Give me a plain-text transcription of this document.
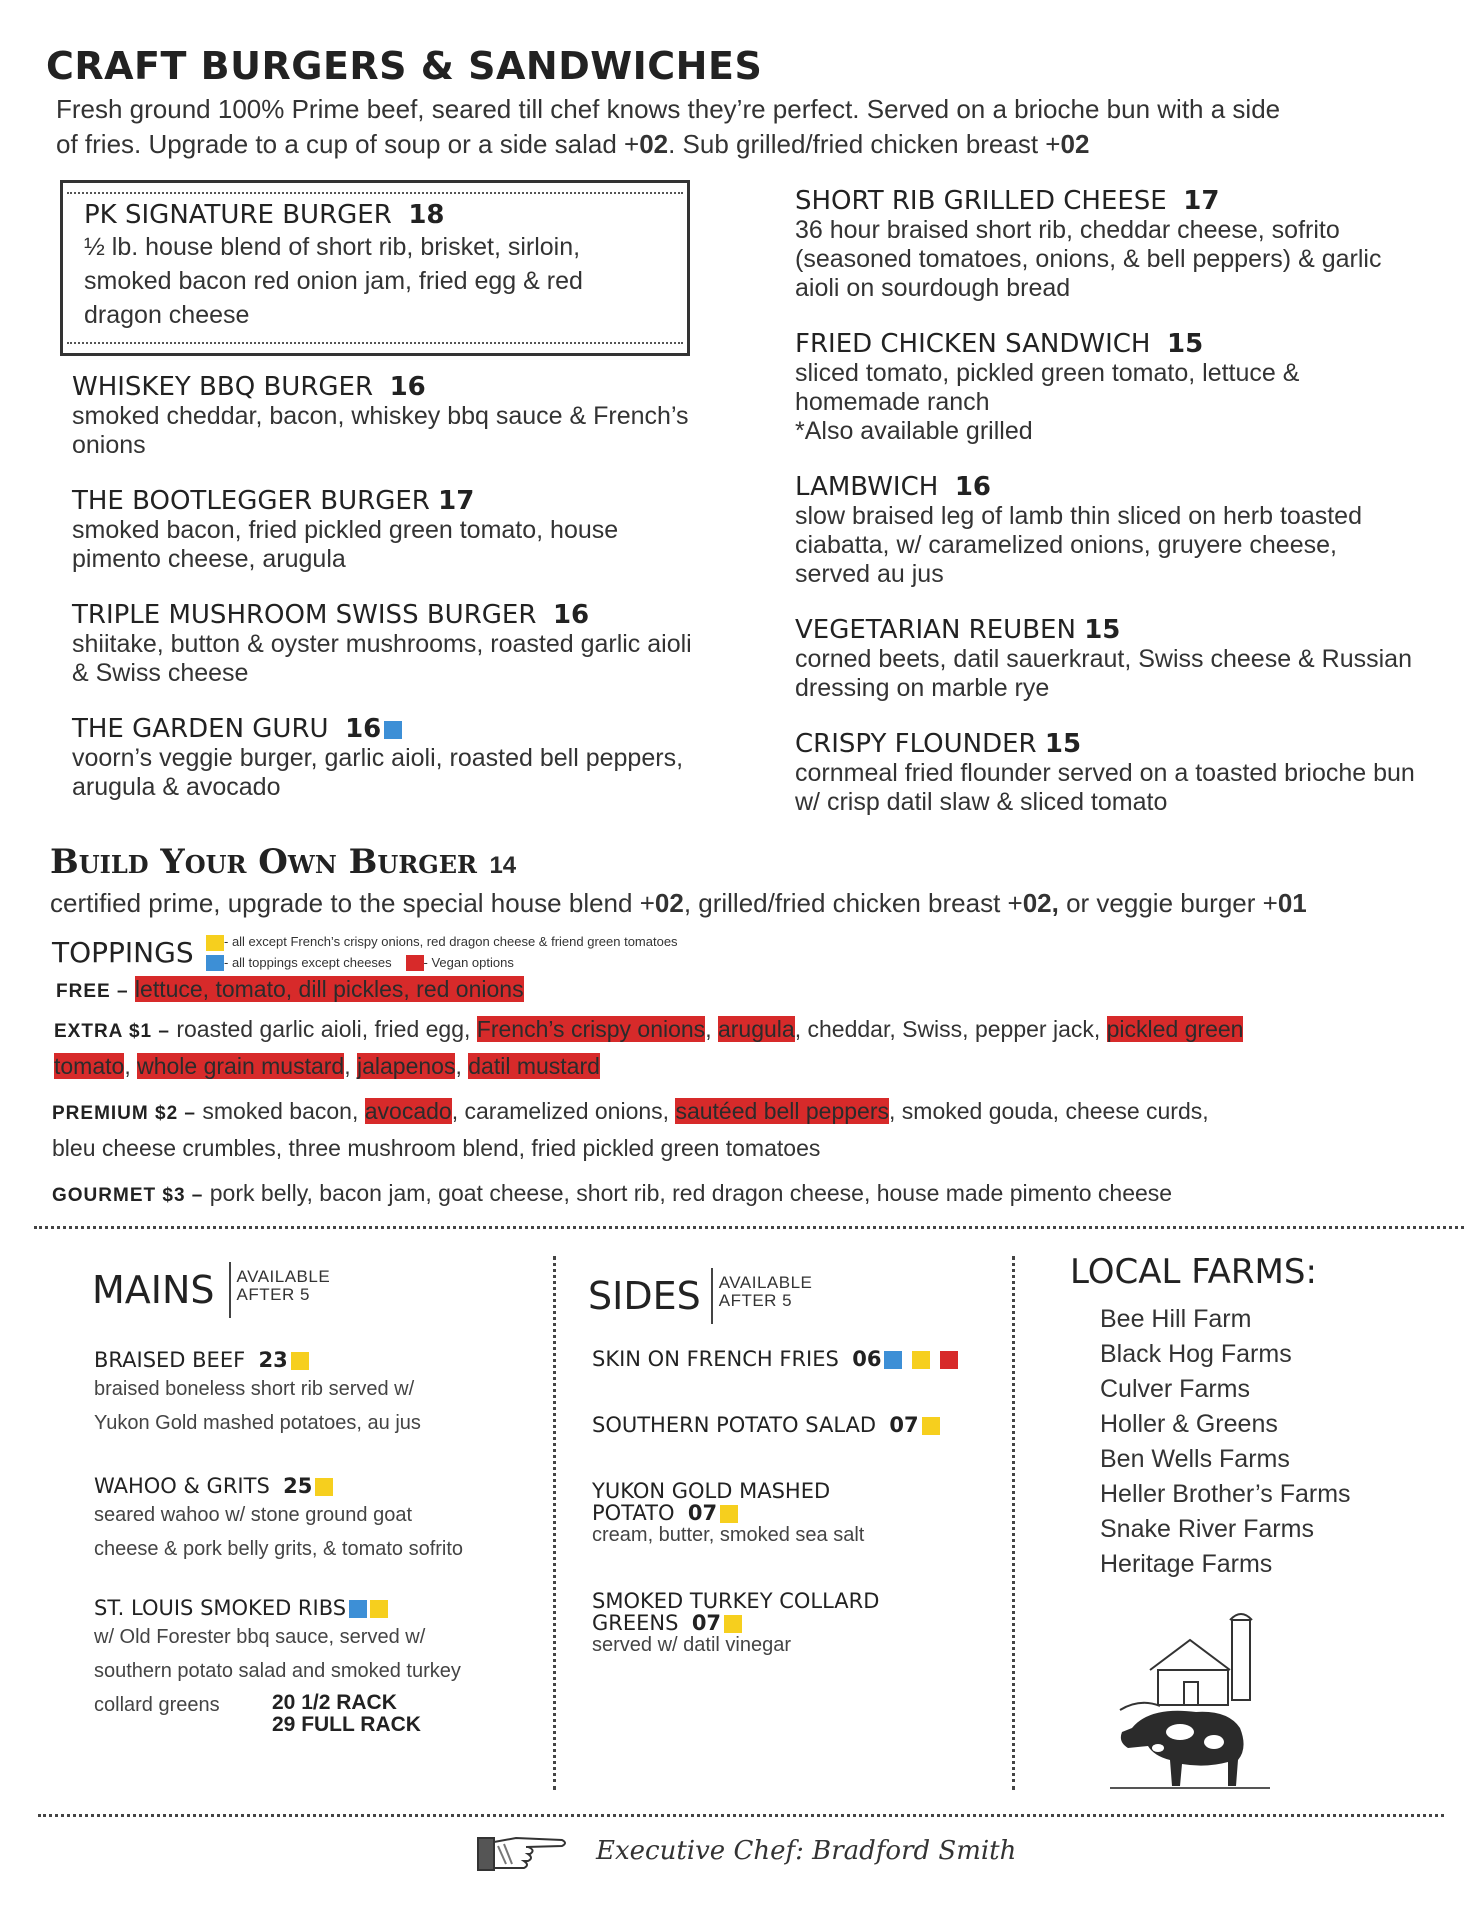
CRAFT BURGERS & SANDWICHES
Fresh ground 100% Prime beef, seared till chef knows they’re perfect. Served on a brioche bun with a side
of fries. Upgrade to a cup of soup or a side salad +02. Sub grilled/fried chicken breast +02
PK SIGNATURE BURGER 18
½ lb. house blend of short rib, brisket, sirloin, smoked bacon red onion jam, fried egg & red dragon cheese
WHISKEY BBQ BURGER 16
smoked cheddar, bacon, whiskey bbq sauce & French’s onions
THE BOOTLEGGER BURGER 17
smoked bacon, fried pickled green tomato, house pimento cheese, arugula
TRIPLE MUSHROOM SWISS BURGER 16
shiitake, button & oyster mushrooms, roasted garlic aioli & Swiss cheese
THE GARDEN GURU 16
voorn’s veggie burger, garlic aioli, roasted bell peppers, arugula & avocado
SHORT RIB GRILLED CHEESE 17
36 hour braised short rib, cheddar cheese, sofrito (seasoned tomatoes, onions, & bell peppers) & garlic aioli on sourdough bread
FRIED CHICKEN SANDWICH 15
sliced tomato, pickled green tomato, lettuce & homemade ranch
*Also available grilled
LAMBWICH 16
slow braised leg of lamb thin sliced on herb toasted ciabatta, w/ caramelized onions, gruyere cheese, served au jus
VEGETARIAN REUBEN 15
corned beets, datil sauerkraut, Swiss cheese & Russian dressing on marble rye
CRISPY FLOUNDER 15
cornmeal fried flounder served on a toasted brioche bun w/ crisp datil slaw & sliced tomato
Build Your Own Burger 14
certified prime, upgrade to the special house blend +02, grilled/fried chicken breast +02, or veggie burger +01
TOPPINGS	- all except French’s crispy onions, red dragon cheese & friend green tomatoes
- all toppings except cheeses - Vegan options
FREE – lettuce, tomato, dill pickles, red onions
EXTRA $1 – roasted garlic aioli, fried egg, French’s crispy onions, arugula, cheddar, Swiss, pepper jack, pickled green
tomato, whole grain mustard, jalapenos, datil mustard
PREMIUM $2 – smoked bacon, avocado, caramelized onions, sautéed bell peppers, smoked gouda, cheese curds,
bleu cheese crumbles, three mushroom blend, fried pickled green tomatoes
GOURMET $3 – pork belly, bacon jam, goat cheese, short rib, red dragon cheese, house made pimento cheese
MAINS AVAILABLE
AFTER 5
BRAISED BEEF 23
braised boneless short rib served w/
Yukon Gold mashed potatoes, au jus
WAHOO & GRITS 25
seared wahoo w/ stone ground goat
cheese & pork belly grits, & tomato sofrito
ST. LOUIS SMOKED RIBS
w/ Old Forester bbq sauce, served w/
southern potato salad and smoked turkey
collard greens 20 1/2 RACK
29 FULL RACK
SIDES AVAILABLE
AFTER 5
SKIN ON FRENCH FRIES 06
SOUTHERN POTATO SALAD 07
YUKON GOLD MASHED
POTATO 07
cream, butter, smoked sea salt
SMOKED TURKEY COLLARD
GREENS 07
served w/ datil vinegar
LOCAL FARMS:
Bee Hill Farm
Black Hog Farms
Culver Farms
Holler & Greens
Ben Wells Farms
Heller Brother’s Farms
Snake River Farms
Heritage Farms
Executive Chef: Bradford Smith
